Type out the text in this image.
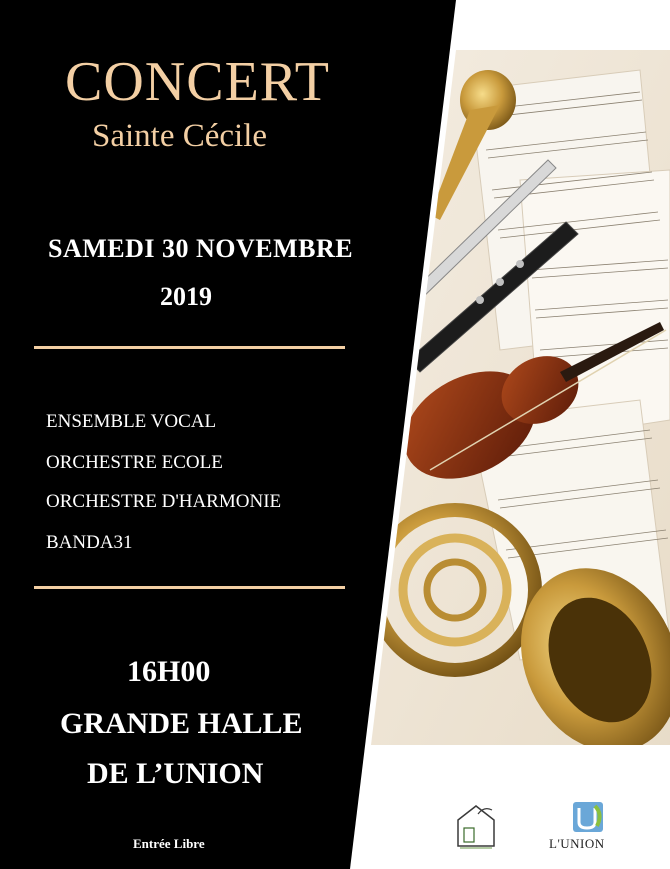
CONCERT
Sainte Cécile
SAMEDI 30 NOVEMBRE
2019
ENSEMBLE VOCAL
ORCHESTRE ECOLE
ORCHESTRE D'HARMONIE
BANDA31
16H00
GRANDE HALLE
DE L’UNION
Entrée Libre	L'UNION
